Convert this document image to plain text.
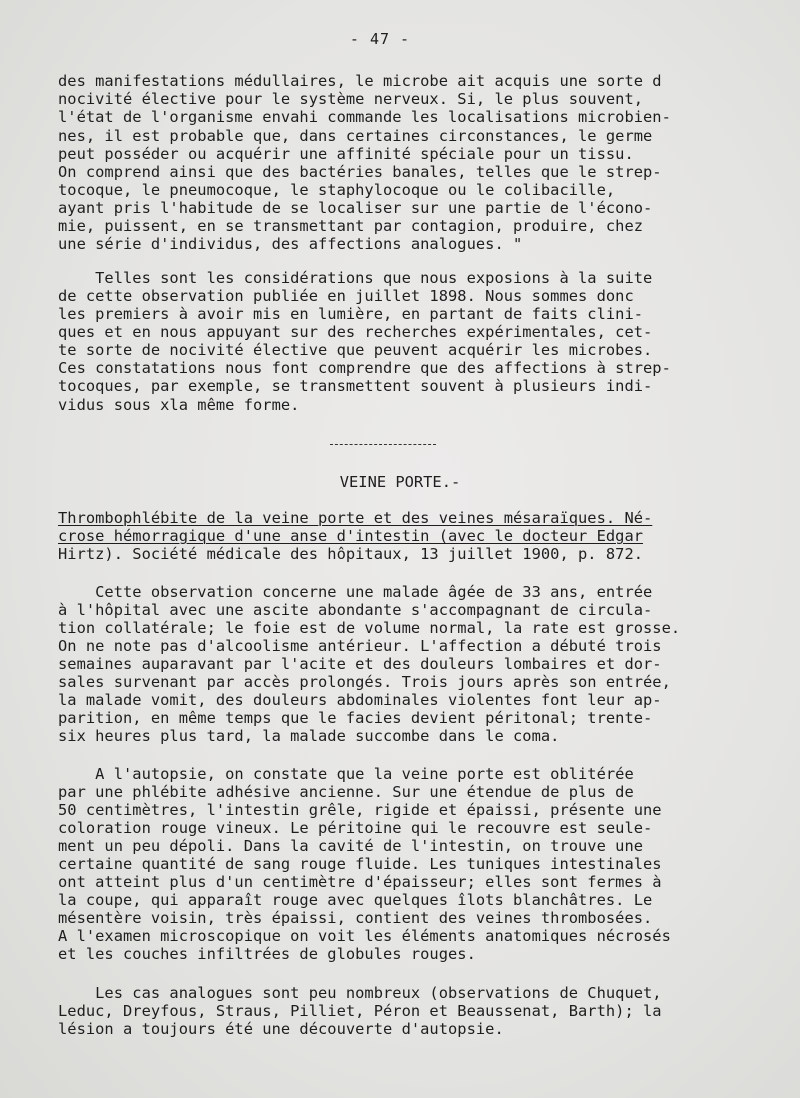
- 47 -
des manifestations médullaires, le microbe ait acquis une sorte d
nocivité élective pour le système nerveux. Si, le plus souvent,
l'état de l'organisme envahi commande les localisations microbien-
nes, il est probable que, dans certaines circonstances, le germe
peut posséder ou acquérir une affinité spéciale pour un tissu.
On comprend ainsi que des bactéries banales, telles que le strep-
tocoque, le pneumocoque, le staphylocoque ou le colibacille,
ayant pris l'habitude de se localiser sur une partie de l'écono-
mie, puissent, en se transmettant par contagion, produire, chez
une série d'individus, des affections analogues. "
Telles sont les considérations que nous exposions à la suite
de cette observation publiée en juillet 1898. Nous sommes donc
les premiers à avoir mis en lumière, en partant de faits clini-
ques et en nous appuyant sur des recherches expérimentales, cet-
te sorte de nocivité élective que peuvent acquérir les microbes.
Ces constatations nous font comprendre que des affections à strep-
tocoques, par exemple, se transmettent souvent à plusieurs indi-
vidus sous xla même forme.
VEINE PORTE.-
Thrombophlébite de la veine porte et des veines mésaraïques. Né-
crose hémorragique d'une anse d'intestin (avec le docteur Edgar
Hirtz). Société médicale des hôpitaux, 13 juillet 1900, p. 872.
Cette observation concerne une malade âgée de 33 ans, entrée
à l'hôpital avec une ascite abondante s'accompagnant de circula-
tion collatérale; le foie est de volume normal, la rate est grosse.
On ne note pas d'alcoolisme antérieur. L'affection a débuté trois
semaines auparavant par l'acite et des douleurs lombaires et dor-
sales survenant par accès prolongés. Trois jours après son entrée,
la malade vomit, des douleurs abdominales violentes font leur ap-
parition, en même temps que le facies devient péritonal; trente-
six heures plus tard, la malade succombe dans le coma.
A l'autopsie, on constate que la veine porte est oblitérée
par une phlébite adhésive ancienne. Sur une étendue de plus de
50 centimètres, l'intestin grêle, rigide et épaissi, présente une
coloration rouge vineux. Le péritoine qui le recouvre est seule-
ment un peu dépoli. Dans la cavité de l'intestin, on trouve une
certaine quantité de sang rouge fluide. Les tuniques intestinales
ont atteint plus d'un centimètre d'épaisseur; elles sont fermes à
la coupe, qui apparaît rouge avec quelques îlots blanchâtres. Le
mésentère voisin, très épaissi, contient des veines thrombosées.
A l'examen microscopique on voit les éléments anatomiques nécrosés
et les couches infiltrées de globules rouges.
Les cas analogues sont peu nombreux (observations de Chuquet,
Leduc, Dreyfous, Straus, Pilliet, Péron et Beaussenat, Barth); la
lésion a toujours été une découverte d'autopsie.
